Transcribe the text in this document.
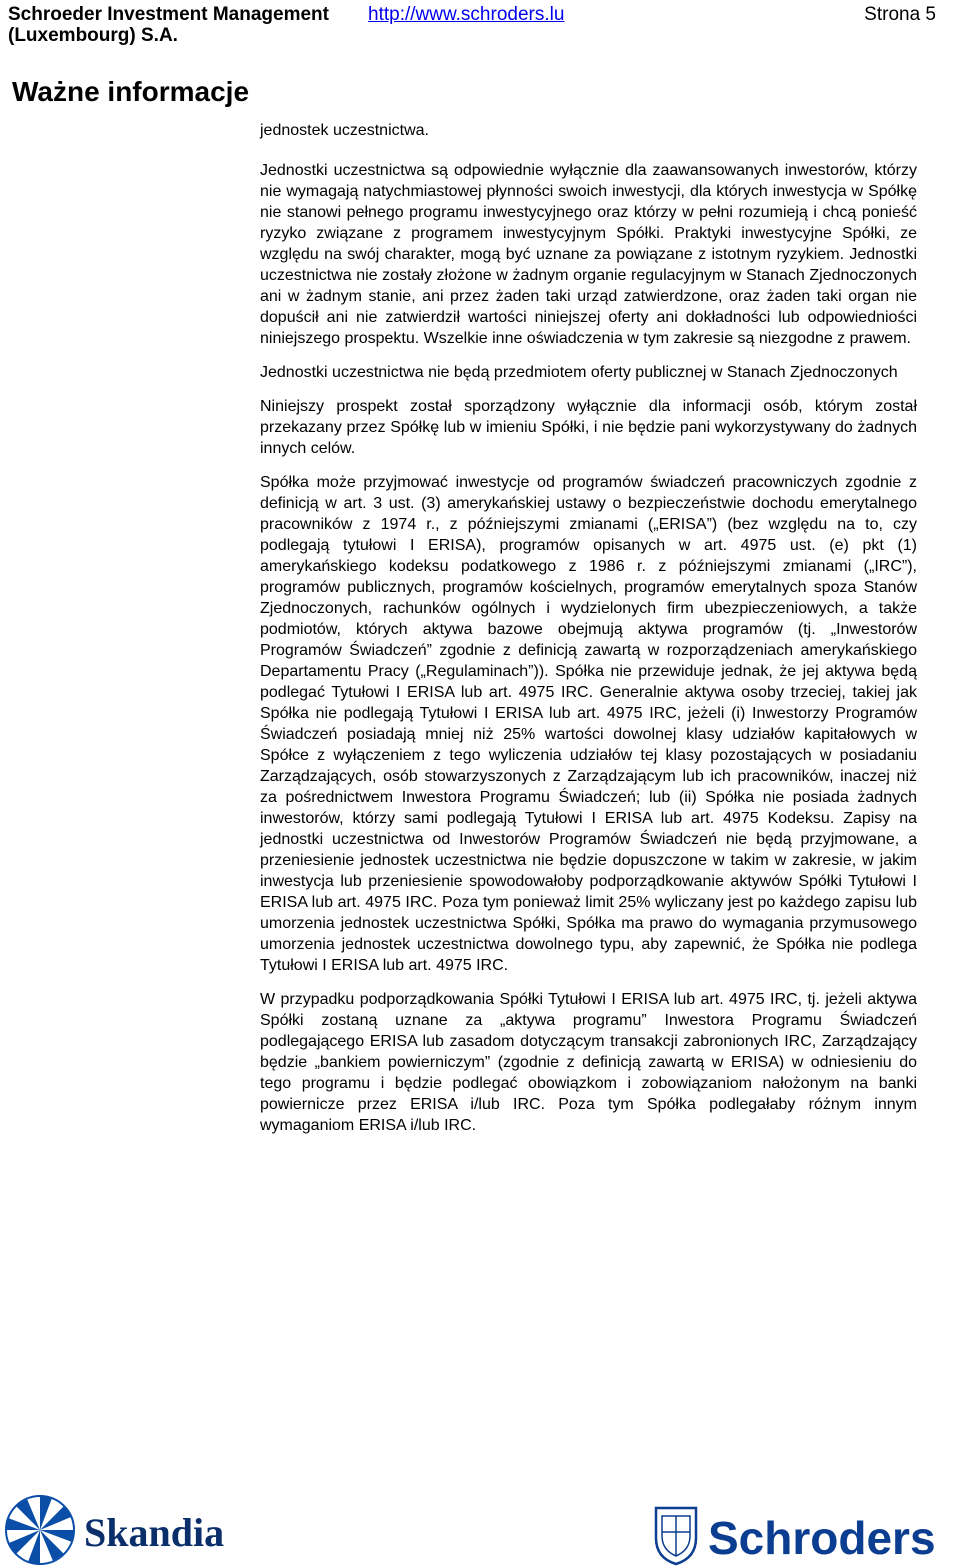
Schroeder Investment Management
(Luxembourg) S.A.
http://www.schroders.lu	Strona 5
Ważne informacje

jednostek uczestnictwa.

Jednostki uczestnictwa są odpowiednie wyłącznie dla zaawansowanych inwestorów, którzy nie wymagają natychmiastowej płynności swoich inwestycji, dla których inwestycja w Spółkę nie stanowi pełnego programu inwestycyjnego oraz którzy w pełni rozumieją i chcą ponieść ryzyko związane z programem inwestycyjnym Spółki. Praktyki inwestycyjne Spółki, ze względu na swój charakter, mogą być uznane za powiązane z istotnym ryzykiem. Jednostki uczestnictwa nie zostały złożone w żadnym organie regulacyjnym w Stanach Zjednoczonych ani w żadnym stanie, ani przez żaden taki urząd zatwierdzone, oraz żaden taki organ nie dopuścił ani nie zatwierdził wartości niniejszej oferty ani dokładności lub odpowiedniości niniejszego prospektu. Wszelkie inne oświadczenia w tym zakresie są niezgodne z prawem.

Jednostki uczestnictwa nie będą przedmiotem oferty publicznej w Stanach Zjednoczonych

Niniejszy prospekt został sporządzony wyłącznie dla informacji osób, którym został przekazany przez Spółkę lub w imieniu Spółki, i nie będzie pani wykorzystywany do żadnych innych celów.

Spółka może przyjmować inwestycje od programów świadczeń pracowniczych zgodnie z definicją w art. 3 ust. (3) amerykańskiej ustawy o bezpieczeństwie dochodu emerytalnego pracowników z 1974 r., z późniejszymi zmianami („ERISA”) (bez względu na to, czy podlegają tytułowi I ERISA), programów opisanych w art. 4975 ust. (e) pkt (1) amerykańskiego kodeksu podatkowego z 1986 r. z późniejszymi zmianami („IRC”), programów publicznych, programów kościelnych, programów emerytalnych spoza Stanów Zjednoczonych, rachunków ogólnych i wydzielonych firm ubezpieczeniowych, a także podmiotów, których aktywa bazowe obejmują aktywa programów (tj. „Inwestorów Programów Świadczeń” zgodnie z definicją zawartą w rozporządzeniach amerykańskiego Departamentu Pracy („Regulaminach”)). Spółka nie przewiduje jednak, że jej aktywa będą podlegać Tytułowi I ERISA lub art. 4975 IRC. Generalnie aktywa osoby trzeciej, takiej jak Spółka nie podlegają Tytułowi I ERISA lub art. 4975 IRC, jeżeli (i) Inwestorzy Programów Świadczeń posiadają mniej niż 25% wartości dowolnej klasy udziałów kapitałowych w Spółce z wyłączeniem z tego wyliczenia udziałów tej klasy pozostających w posiadaniu Zarządzających, osób stowarzyszonych z Zarządzającym lub ich pracowników, inaczej niż za pośrednictwem Inwestora Programu Świadczeń; lub (ii) Spółka nie posiada żadnych inwestorów, którzy sami podlegają Tytułowi I ERISA lub art. 4975 Kodeksu. Zapisy na jednostki uczestnictwa od Inwestorów Programów Świadczeń nie będą przyjmowane, a przeniesienie jednostek uczestnictwa nie będzie dopuszczone w takim w zakresie, w jakim inwestycja lub przeniesienie spowodowałoby podporządkowanie aktywów Spółki Tytułowi I ERISA lub art. 4975 IRC. Poza tym ponieważ limit 25% wyliczany jest po każdego zapisu lub umorzenia jednostek uczestnictwa Spółki, Spółka ma prawo do wymagania przymusowego umorzenia jednostek uczestnictwa dowolnego typu, aby zapewnić, że Spółka nie podlega Tytułowi I ERISA lub art. 4975 IRC.

W przypadku podporządkowania Spółki Tytułowi I ERISA lub art. 4975 IRC, tj. jeżeli aktywa Spółki zostaną uznane za „aktywa programu” Inwestora Programu Świadczeń podlegającego ERISA lub zasadom dotyczącym transakcji zabronionych IRC, Zarządzający będzie „bankiem powierniczym” (zgodnie z definicją zawartą w ERISA) w odniesieniu do tego programu i będzie podlegać obowiązkom i zobowiązaniom nałożonym na banki powiernicze przez ERISA i/lub IRC. Poza tym Spółka podlegałaby różnym innym wymaganiom ERISA i/lub IRC.

Skandia	Schroders
